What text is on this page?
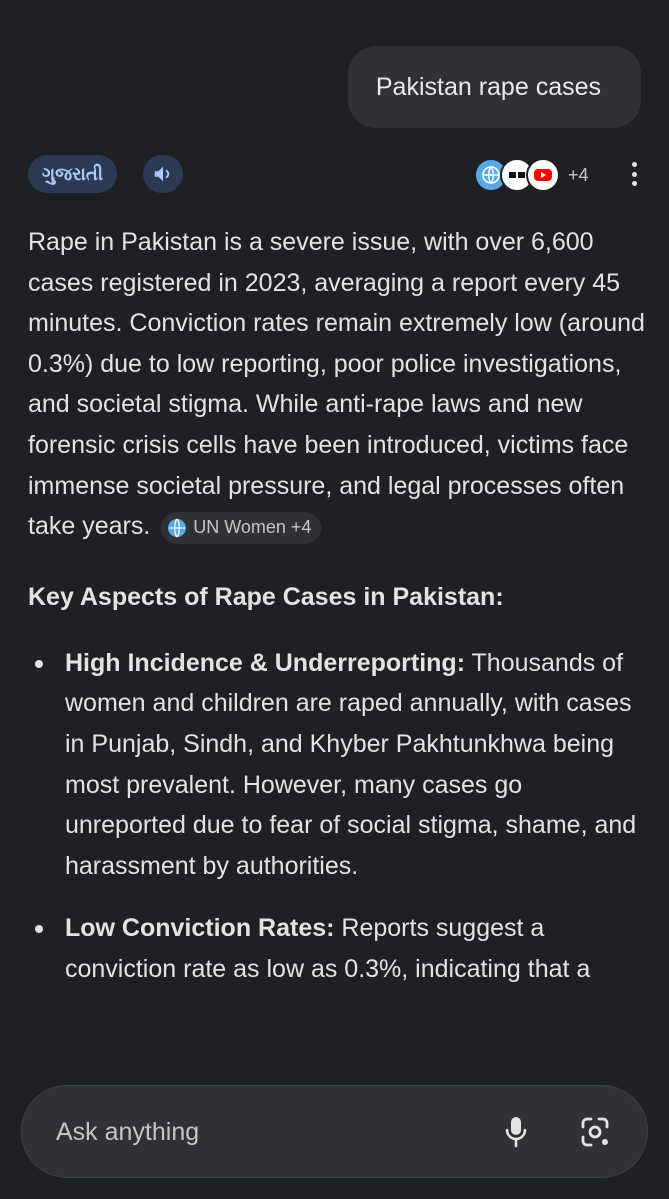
Pakistan rape cases
ગુજરાતી	+4

Rape in Pakistan is a severe issue, with over 6,600 cases registered in 2023, averaging a report every 45 minutes. Conviction rates remain extremely low (around 0.3%) due to low reporting, poor police investigations, and societal stigma. While anti-rape laws and new forensic crisis cells have been introduced, victims face immense societal pressure, and legal processes often take years. UN Women +4

Key Aspects of Rape Cases in Pakistan:
High Incidence & Underreporting: Thousands of women and children are raped annually, with cases in Punjab, Sindh, and Khyber Pakhtunkhwa being most prevalent. However, many cases go unreported due to fear of social stigma, shame, and harassment by authorities.
Low Conviction Rates: Reports suggest a conviction rate as low as 0.3%, indicating that a
Ask anything
